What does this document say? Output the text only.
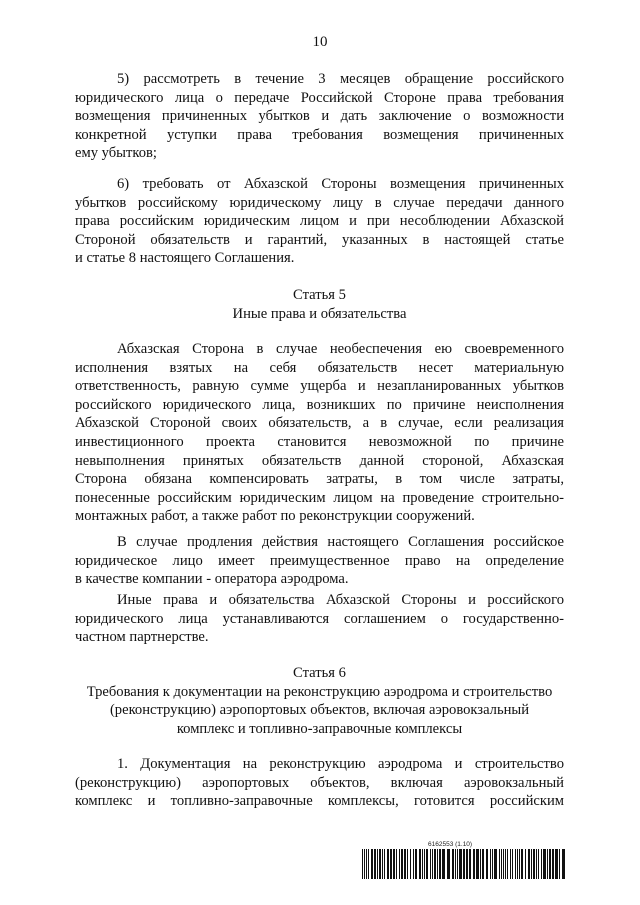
10
5) рассмотреть в течение 3 месяцев обращение российского
юридического лица о передаче Российской Стороне права требования
возмещения причиненных убытков и дать заключение о возможности
конкретной уступки права требования возмещения причиненных
ему убытков;
6) требовать от Абхазской Стороны возмещения причиненных
убытков российскому юридическому лицу в случае передачи данного
права российским юридическим лицом и при несоблюдении Абхазской
Стороной обязательств и гарантий, указанных в настоящей статье
и статье 8 настоящего Соглашения.
Статья 5
Иные права и обязательства
Абхазская Сторона в случае необеспечения ею своевременного
исполнения взятых на себя обязательств несет материальную
ответственность, равную сумме ущерба и незапланированных убытков
российского юридического лица, возникших по причине неисполнения
Абхазской Стороной своих обязательств, а в случае, если реализация
инвестиционного проекта становится невозможной по причине
невыполнения принятых обязательств данной стороной, Абхазская
Сторона обязана компенсировать затраты, в том числе затраты,
понесенные российским юридическим лицом на проведение строительно-
монтажных работ, а также работ по реконструкции сооружений.
В случае продления действия настоящего Соглашения российское
юридическое лицо имеет преимущественное право на определение
в качестве компании - оператора аэродрома.
Иные права и обязательства Абхазской Стороны и российского
юридического лица устанавливаются соглашением о государственно-
частном партнерстве.
Статья 6
Требования к документации на реконструкцию аэродрома и строительство
(реконструкцию) аэропортовых объектов, включая аэровокзальный
комплекс и топливно-заправочные комплексы
1. Документация на реконструкцию аэродрома и строительство
(реконструкцию) аэропортовых объектов, включая аэровокзальный
комплекс и топливно-заправочные комплексы, готовится российским
6162553 (1.10)
